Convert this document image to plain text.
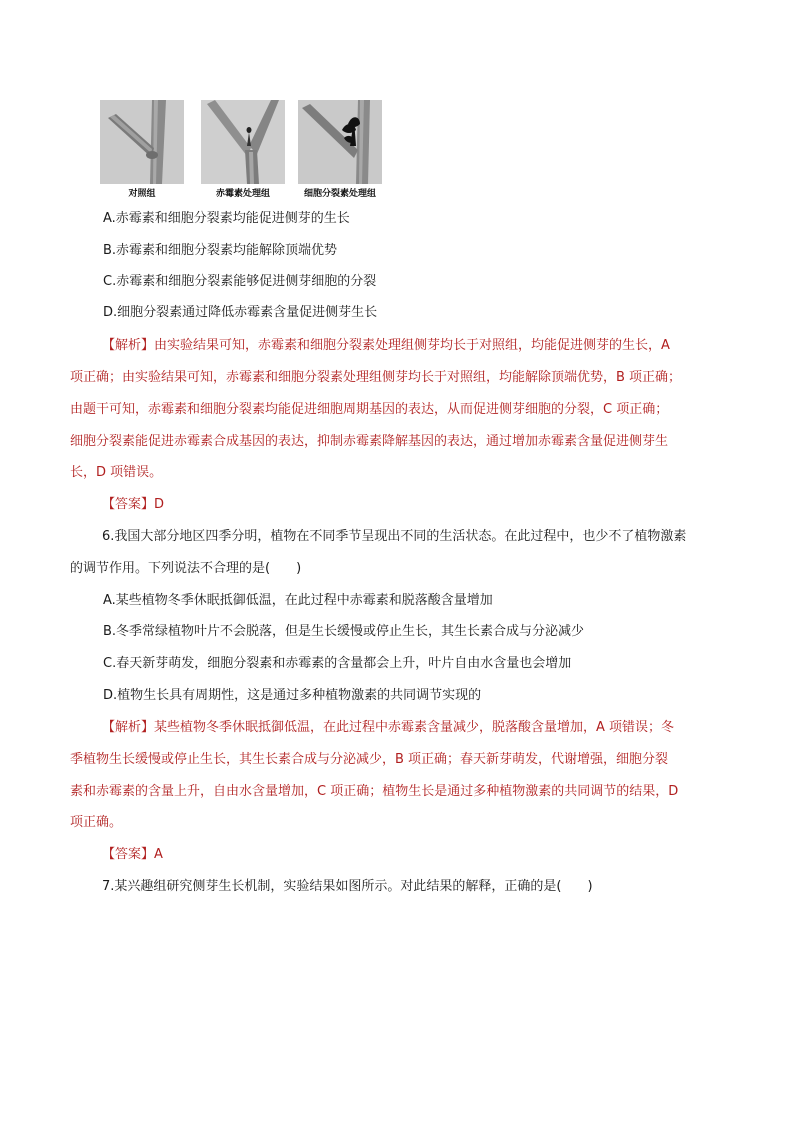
对照组	赤霉素处理组	细胞分裂素处理组
A.赤霉素和细胞分裂素均能促进侧芽的生长
B.赤霉素和细胞分裂素均能解除顶端优势
C.赤霉素和细胞分裂素能够促进侧芽细胞的分裂
D.细胞分裂素通过降低赤霉素含量促进侧芽生长
【解析】由实验结果可知，赤霉素和细胞分裂素处理组侧芽均长于对照组，均能促进侧芽的生长，A
项正确；由实验结果可知，赤霉素和细胞分裂素处理组侧芽均长于对照组，均能解除顶端优势，B 项正确；
由题干可知，赤霉素和细胞分裂素均能促进细胞周期基因的表达，从而促进侧芽细胞的分裂，C 项正确；
细胞分裂素能促进赤霉素合成基因的表达，抑制赤霉素降解基因的表达，通过增加赤霉素含量促进侧芽生
长，D 项错误。
【答案】D
6.我国大部分地区四季分明，植物在不同季节呈现出不同的生活状态。在此过程中，也少不了植物激素
的调节作用。下列说法不合理的是(　　)
A.某些植物冬季休眠抵御低温，在此过程中赤霉素和脱落酸含量增加
B.冬季常绿植物叶片不会脱落，但是生长缓慢或停止生长，其生长素合成与分泌减少
C.春天新芽萌发，细胞分裂素和赤霉素的含量都会上升，叶片自由水含量也会增加
D.植物生长具有周期性，这是通过多种植物激素的共同调节实现的
【解析】某些植物冬季休眠抵御低温，在此过程中赤霉素含量减少，脱落酸含量增加，A 项错误；冬
季植物生长缓慢或停止生长，其生长素合成与分泌减少，B 项正确；春天新芽萌发，代谢增强，细胞分裂
素和赤霉素的含量上升，自由水含量增加，C 项正确；植物生长是通过多种植物激素的共同调节的结果，D
项正确。
【答案】A
7.某兴趣组研究侧芽生长机制，实验结果如图所示。对此结果的解释，正确的是(　　)
